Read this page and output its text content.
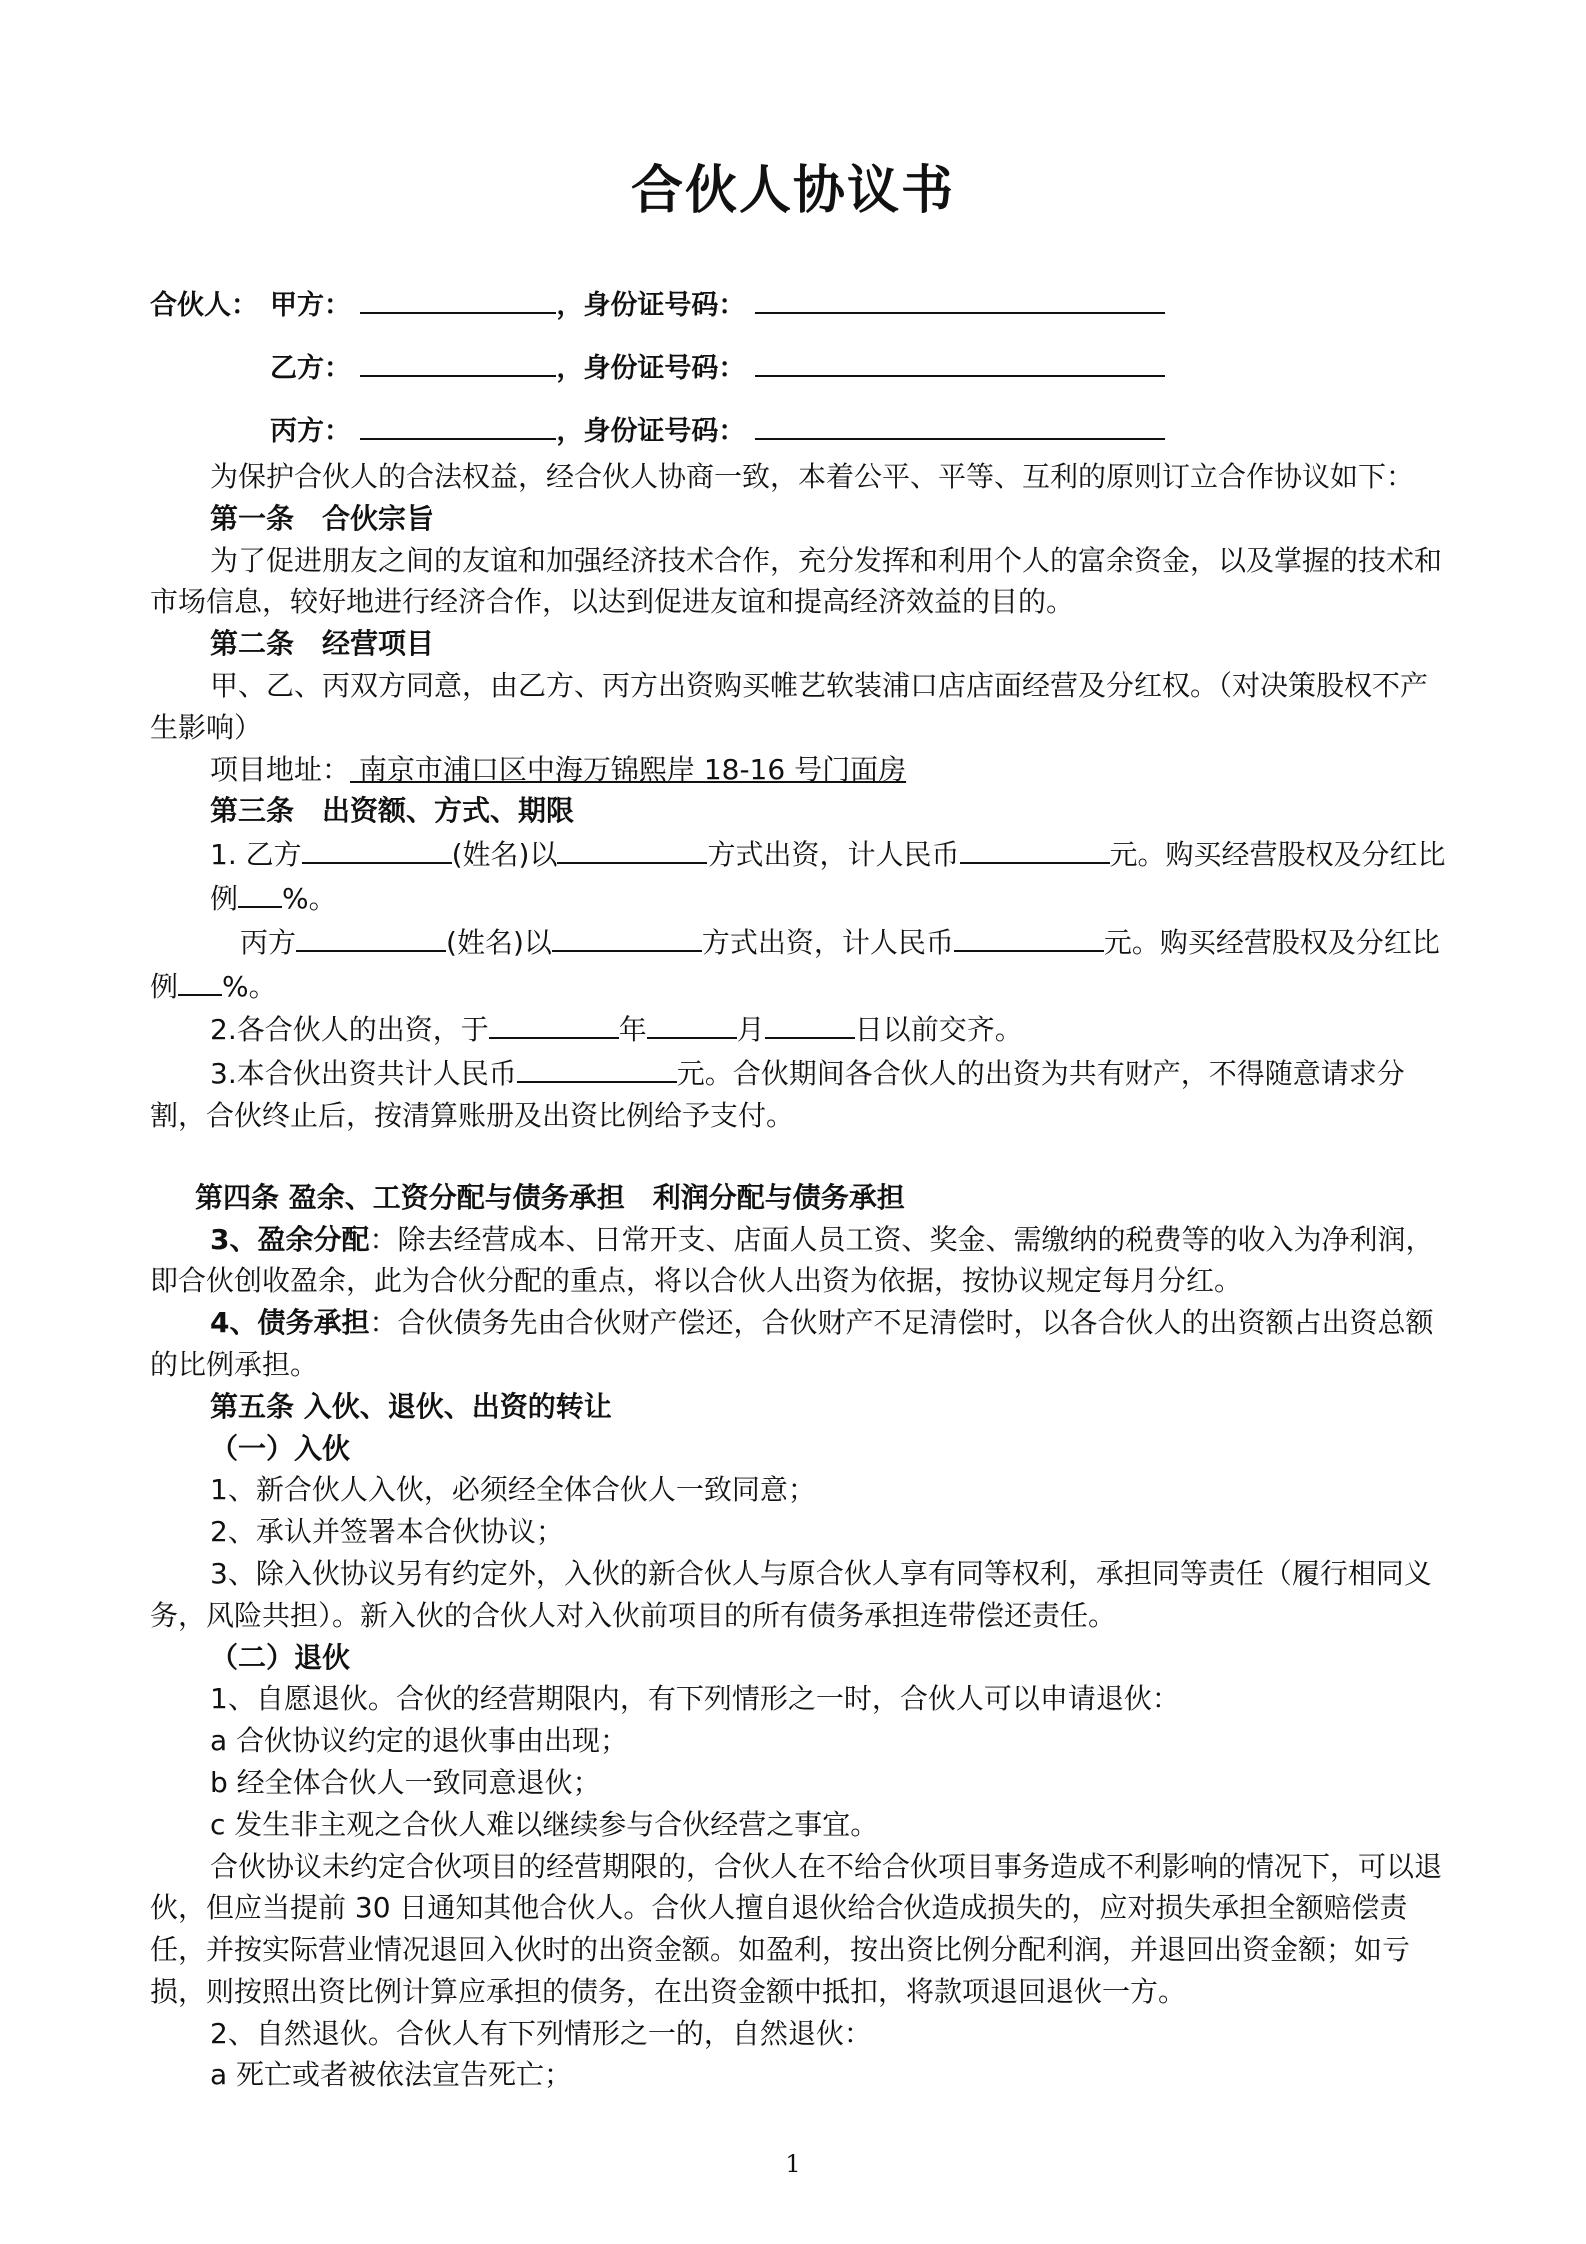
合伙人协议书
合伙人： 甲方：	，身份证号码：
乙方：	，身份证号码：
丙方：	，身份证号码：

为保护合伙人的合法权益，经合伙人协商一致，本着公平、平等、互利的原则订立合作协议如下：

第一条　合伙宗旨

为了促进朋友之间的友谊和加强经济技术合作，充分发挥和利用个人的富余资金，以及掌握的技术和市场信息，较好地进行经济合作，以达到促进友谊和提高经济效益的目的。

第二条　经营项目

甲、乙、丙双方同意，由乙方、丙方出资购买帷艺软装浦口店店面经营及分红权。（对决策股权不产生影响）

项目地址： 南京市浦口区中海万锦熙岸 18-16 号门面房

第三条　出资额、方式、期限

1. 乙方	(姓名)以	方式出资，计人民币	元。购买经营股权及分红比例 %。

丙方	(姓名)以	方式出资，计人民币	元。购买经营股权及分红比例 %。

2.各合伙人的出资，于	年	月	日以前交齐。

3.本合伙出资共计人民币	元。合伙期间各合伙人的出资为共有财产，不得随意请求分割，合伙终止后，按清算账册及出资比例给予支付。

第四条 盈余、工资分配与债务承担　利润分配与债务承担

3、盈余分配：除去经营成本、日常开支、店面人员工资、奖金、需缴纳的税费等的收入为净利润，即合伙创收盈余，此为合伙分配的重点，将以合伙人出资为依据，按协议规定每月分红。

4、债务承担：合伙债务先由合伙财产偿还，合伙财产不足清偿时，以各合伙人的出资额占出资总额的比例承担。

第五条 入伙、退伙、出资的转让

（一）入伙

1、新合伙人入伙，必须经全体合伙人一致同意；

2、承认并签署本合伙协议；

3、除入伙协议另有约定外，入伙的新合伙人与原合伙人享有同等权利，承担同等责任（履行相同义务，风险共担）。新入伙的合伙人对入伙前项目的所有债务承担连带偿还责任。

（二）退伙

1、自愿退伙。合伙的经营期限内，有下列情形之一时，合伙人可以申请退伙：

a 合伙协议约定的退伙事由出现；

b 经全体合伙人一致同意退伙；

c 发生非主观之合伙人难以继续参与合伙经营之事宜。

合伙协议未约定合伙项目的经营期限的，合伙人在不给合伙项目事务造成不利影响的情况下，可以退伙，但应当提前 30 日通知其他合伙人。合伙人擅自退伙给合伙造成损失的，应对损失承担全额赔偿责任，并按实际营业情况退回入伙时的出资金额。如盈利，按出资比例分配利润，并退回出资金额；如亏损，则按照出资比例计算应承担的债务，在出资金额中抵扣，将款项退回退伙一方。

2、自然退伙。合伙人有下列情形之一的，自然退伙：

a 死亡或者被依法宣告死亡；

1
